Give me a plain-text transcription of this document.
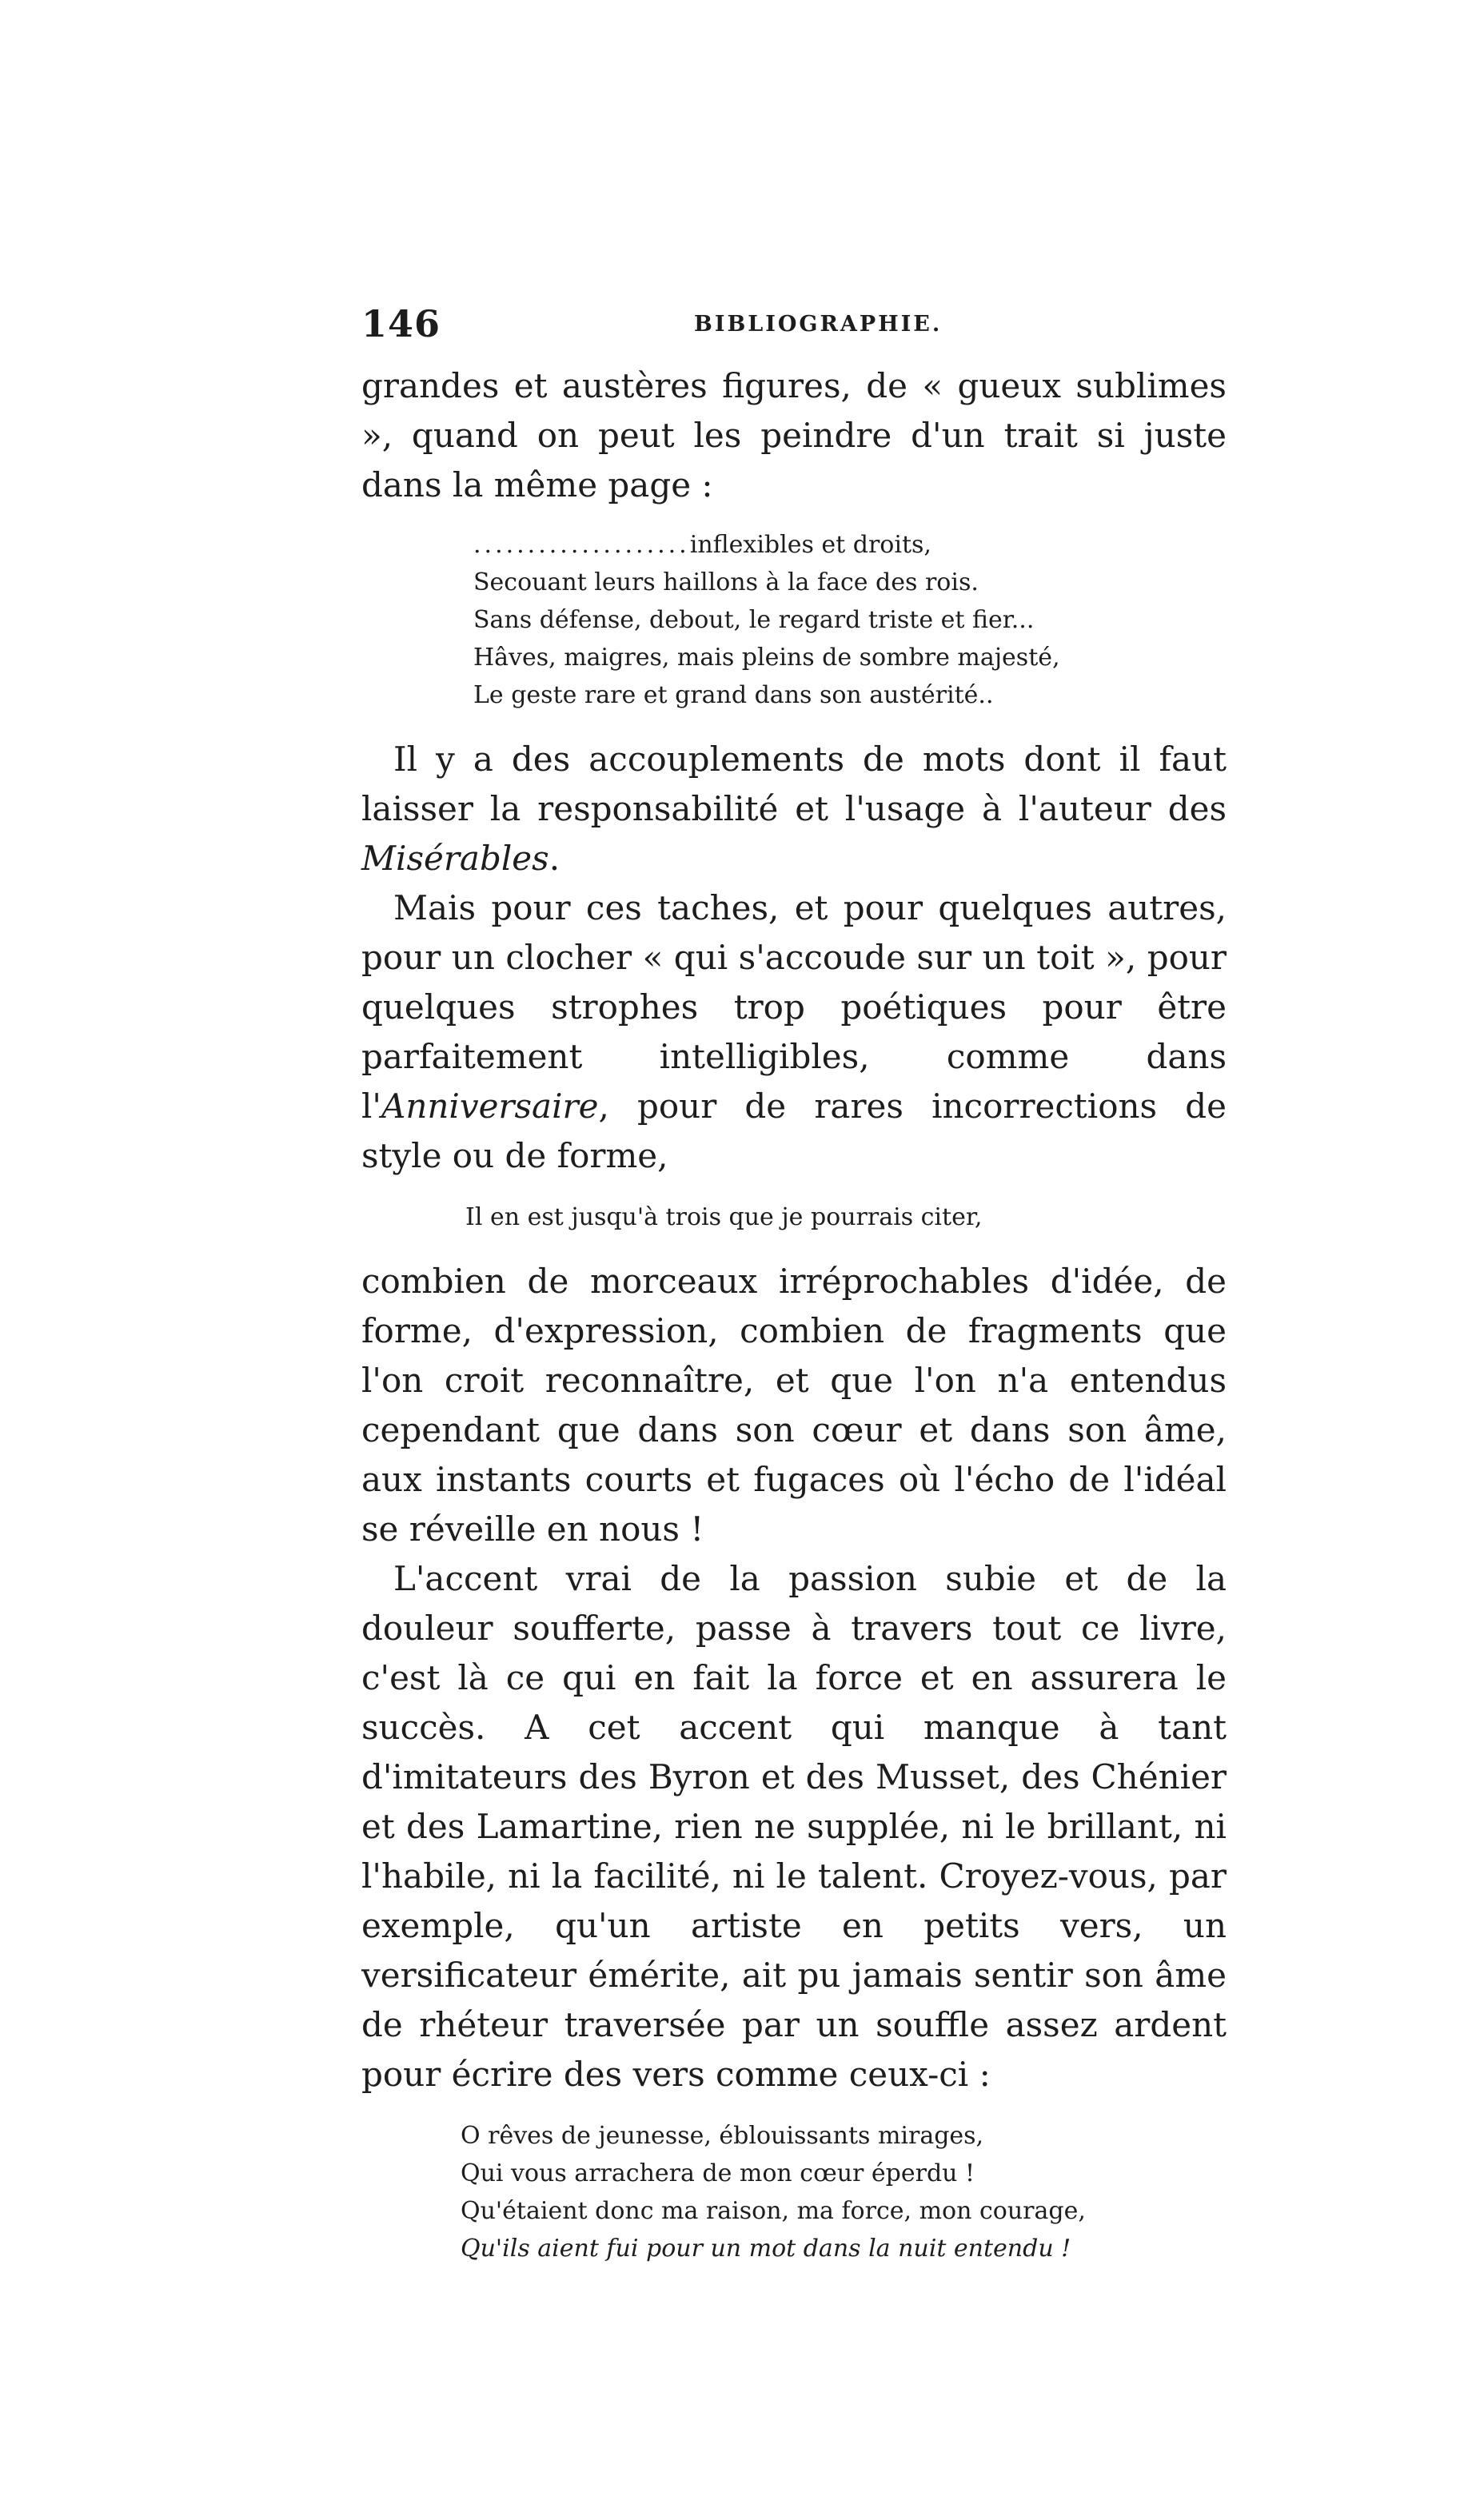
146	BIBLIOGRAPHIE.

grandes et austères figures, de « gueux sublimes », quand on peut les peindre d'un trait si juste dans la même page :

....................inflexibles et droits,
Secouant leurs haillons à la face des rois.
Sans défense, debout, le regard triste et fier...
Hâves, maigres, mais pleins de sombre majesté,
Le geste rare et grand dans son austérité..

Il y a des accouplements de mots dont il faut laisser la responsabilité et l'usage à l'auteur des Misérables.

Mais pour ces taches, et pour quelques autres, pour un clocher « qui s'accoude sur un toit », pour quelques strophes trop poétiques pour être parfaitement intelligibles, comme dans l'Anniversaire, pour de rares incorrections de style ou de forme,

Il en est jusqu'à trois que je pourrais citer,

combien de morceaux irréprochables d'idée, de forme, d'expression, combien de fragments que l'on croit reconnaître, et que l'on n'a entendus cependant que dans son cœur et dans son âme, aux instants courts et fugaces où l'écho de l'idéal se réveille en nous !

L'accent vrai de la passion subie et de la douleur soufferte, passe à travers tout ce livre, c'est là ce qui en fait la force et en assurera le succès. A cet accent qui manque à tant d'imitateurs des Byron et des Musset, des Chénier et des Lamartine, rien ne supplée, ni le brillant, ni l'habile, ni la facilité, ni le talent. Croyez-vous, par exemple, qu'un artiste en petits vers, un versificateur émérite, ait pu jamais sentir son âme de rhéteur traversée par un souffle assez ardent pour écrire des vers comme ceux-ci :

O rêves de jeunesse, éblouissants mirages,
Qui vous arrachera de mon cœur éperdu !
Qu'étaient donc ma raison, ma force, mon courage,
Qu'ils aient fui pour un mot dans la nuit entendu !
